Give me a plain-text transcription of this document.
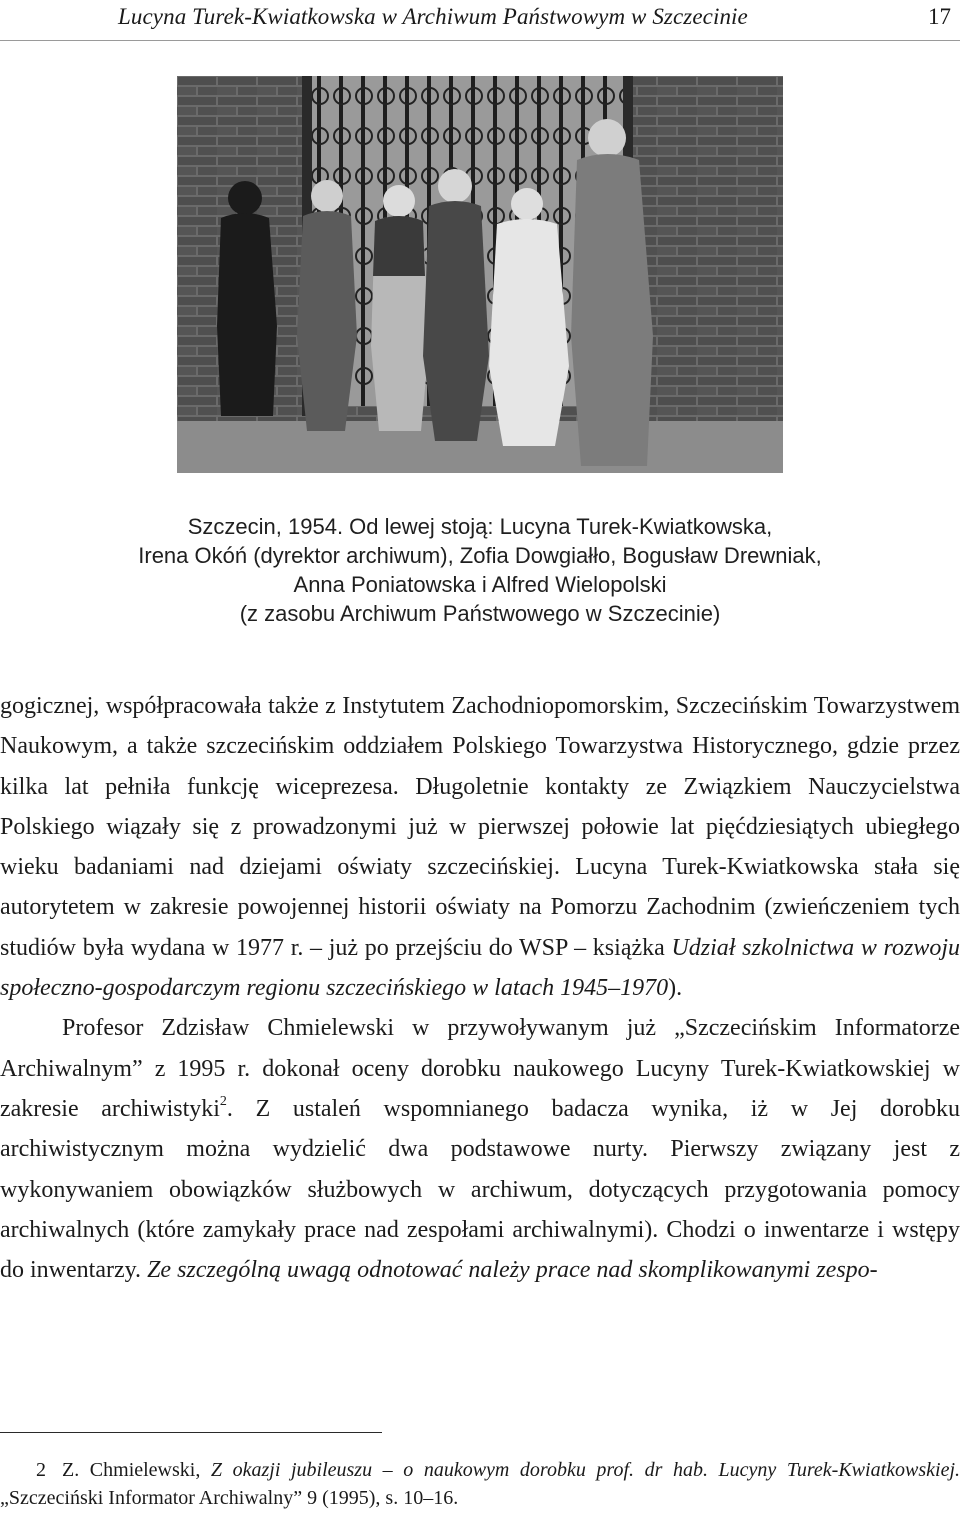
Lucyna Turek-Kwiatkowska w Archiwum Państwowym w Szczecinie	17
Szczecin, 1954. Od lewej stoją: Lucyna Turek-Kwiatkowska,
Irena Okóń (dyrektor archiwum), Zofia Dowgiałło, Bogusław Drewniak,
Anna Poniatowska i Alfred Wielopolski
(z zasobu Archiwum Państwowego w Szczecinie)

gogicznej, współpracowała także z Instytutem Zachodniopomorskim, Szczecińskim Towarzystwem Naukowym, a także szczecińskim oddziałem Polskiego Towarzystwa Historycznego, gdzie przez kilka lat pełniła funkcję wiceprezesa. Długoletnie kontakty ze Związkiem Nauczycielstwa Polskiego wiązały się z prowadzonymi już w pierwszej połowie lat pięćdziesiątych ubiegłego wieku badaniami nad dziejami oświaty szczecińskiej. Lucyna Turek-Kwiatkowska stała się autorytetem w zakresie powojennej historii oświaty na Pomorzu Zachodnim (zwieńczeniem tych studiów była wydana w 1977 r. – już po przejściu do WSP – książka Udział szkolnictwa w rozwoju społeczno-gospodarczym regionu szczecińskiego w latach 1945–1970).

Profesor Zdzisław Chmielewski w przywoływanym już „Szczecińskim Informatorze Archiwalnym” z 1995 r. dokonał oceny dorobku naukowego Lucyny Turek-Kwiatkowskiej w zakresie archiwistyki$^2$. Z ustaleń wspomnianego badacza wynika, iż w Jej dorobku archiwistycznym można wydzielić dwa podstawowe nurty. Pierwszy związany jest z wykonywaniem obowiązków służbowych w archiwum, dotyczących przygotowania pomocy archiwalnych (które zamykały prace nad zespołami archiwalnymi). Chodzi o inwentarze i wstępy do inwentarzy. Ze szczególną uwagą odnotować należy prace nad skomplikowanymi zespo-

2 Z. Chmielewski, Z okazji jubileuszu – o naukowym dorobku prof. dr hab. Lucyny Turek-Kwiatkowskiej. „Szczeciński Informator Archiwalny” 9 (1995), s. 10–16.
